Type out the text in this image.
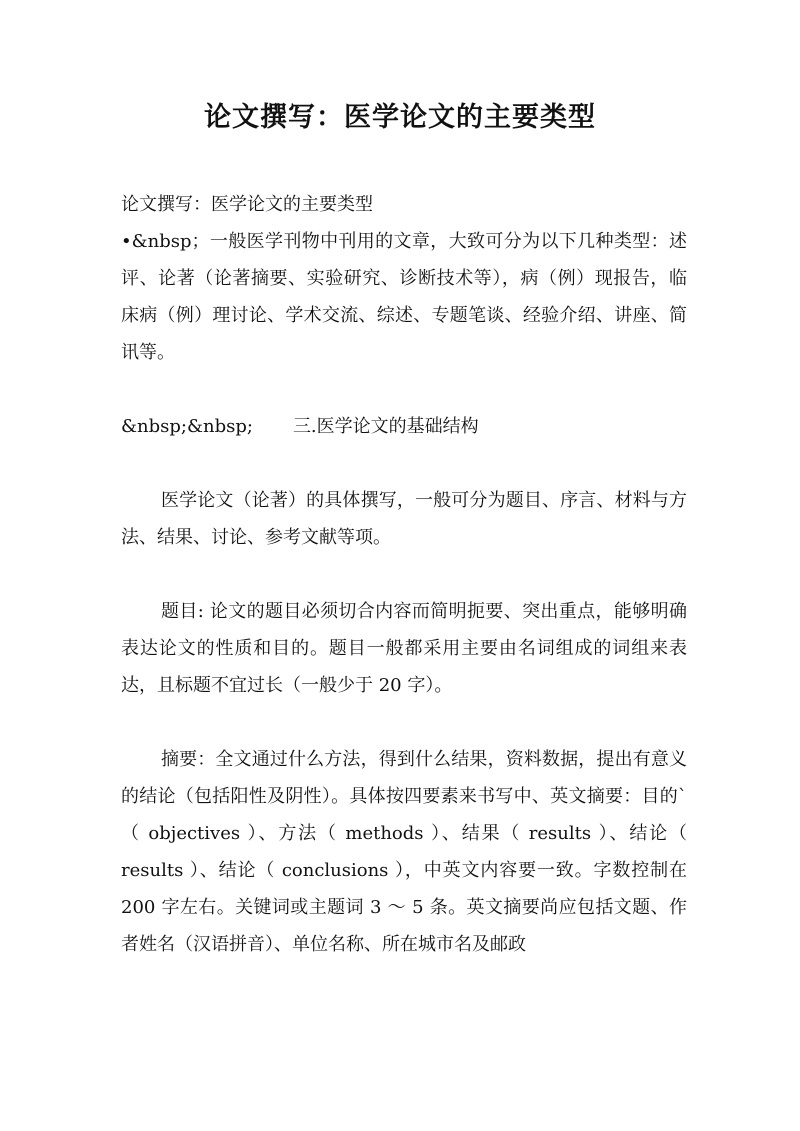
论文撰写：医学论文的主要类型

论文撰写：医学论文的主要类型

•&nbsp；一般医学刊物中刊用的文章，大致可分为以下几种类型：述评、论著（论著摘要、实验研究、诊断技术等），病（例）现报告，临床病（例）理讨论、学术交流、综述、专题笔谈、经验介绍、讲座、简讯等。

&nbsp;&nbsp; 三.医学论文的基础结构

医学论文（论著）的具体撰写，一般可分为题目、序言、材料与方法、结果、讨论、参考文献等项。

题目: 论文的题目必须切合内容而简明扼要、突出重点，能够明确表达论文的性质和目的。题目一般都采用主要由名词组成的词组来表达，且标题不宜过长（一般少于 20 字）。

摘要：全文通过什么方法，得到什么结果，资料数据，提出有意义的结论（包括阳性及阴性）。具体按四要素来书写中、英文摘要：目的`（ objectives ）、方法（ methods ）、结果（ results ）、结论（ results ）、结论（ conclusions ），中英文内容要一致。字数控制在 200 字左右。关键词或主题词 3 ～ 5 条。英文摘要尚应包括文题、作者姓名（汉语拼音）、单位名称、所在城市名及邮政
